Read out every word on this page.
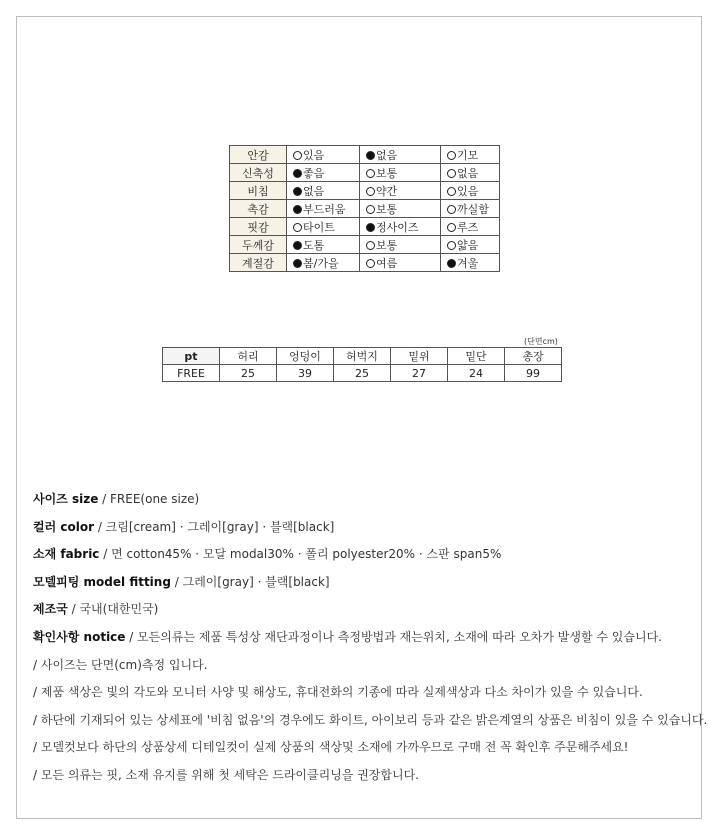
안감	있음	없음	기모
신축성	좋음	보통	없음
비침	없음	약간	있음
촉감	부드러움	보통	까실함
핏감	타이트	정사이즈	루즈
두께감	도톰	보통	얇음
계절감	봄/가을	여름	겨울
(단면cm)
pt	허리	엉덩이	허벅지	밑위	밑단	총장
FREE	25	39	25	27	24	99
사이즈 size / FREE(one size)
컬러 color / 크림[cream] · 그레이[gray] · 블랙[black]
소재 fabric / 면 cotton45% · 모달 modal30% · 폴리 polyester20% · 스판 span5%
모델피팅 model fitting / 그레이[gray] · 블랙[black]
제조국 / 국내(대한민국)
확인사항 notice / 모든의류는 제품 특성상 재단과정이나 측정방법과 재는위치, 소재에 따라 오차가 발생할 수 있습니다.
/ 사이즈는 단면(cm)측정 입니다.
/ 제품 색상은 빛의 각도와 모니터 사양 및 해상도, 휴대전화의 기종에 따라 실제색상과 다소 차이가 있을 수 있습니다.
/ 하단에 기재되어 있는 상세표에 '비침 없음'의 경우에도 화이트, 아이보리 등과 같은 밝은계열의 상품은 비침이 있을 수 있습니다.
/ 모델컷보다 하단의 상품상세 디테일컷이 실제 상품의 색상및 소재에 가까우므로 구매 전 꼭 확인후 주문해주세요!
/ 모든 의류는 핏, 소재 유지를 위해 첫 세탁은 드라이클리닝을 권장합니다.
